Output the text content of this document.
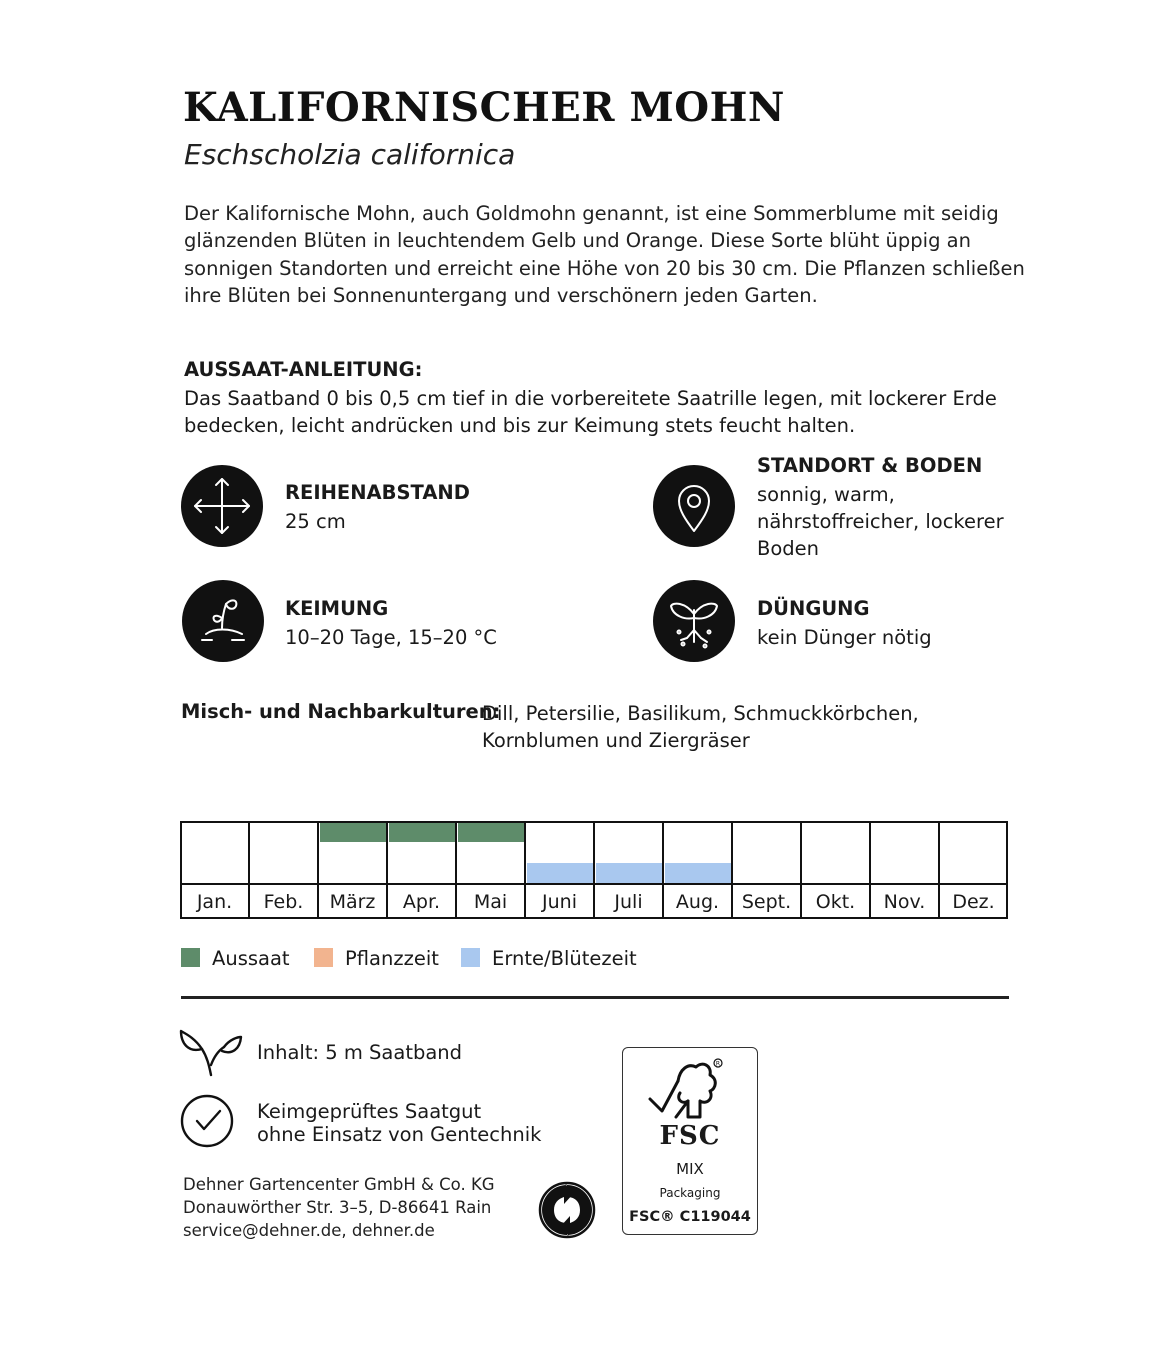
KALIFORNISCHER MOHN
Eschscholzia californica
Der Kalifornische Mohn, auch Goldmohn genannt, ist eine Sommerblume mit seidig
glänzenden Blüten in leuchtendem Gelb und Orange. Diese Sorte blüht üppig an
sonnigen Standorten und erreicht eine Höhe von 20 bis 30 cm. Die Pflanzen schließen
ihre Blüten bei Sonnenuntergang und verschönern jeden Garten.
AUSSAAT-ANLEITUNG:
Das Saatband 0 bis 0,5 cm tief in die vorbereitete Saatrille legen, mit lockerer Erde
bedecken, leicht andrücken und bis zur Keimung stets feucht halten.
REIHENABSTAND
25 cm
STANDORT & BODEN
sonnig, warm,
nährstoffreicher, lockerer
Boden
KEIMUNG
10–20 Tage, 15–20 °C
DÜNGUNG
kein Dünger nötig
Misch- und Nachbarkulturen:
Dill, Petersilie, Basilikum, Schmuckkörbchen,
Kornblumen und Ziergräser
Jan.	Feb.	März	Apr.	Mai	Juni	Juli	Aug.	Sept.	Okt.	Nov.	Dez.
Aussaat	Pflanzzeit	Ernte/Blütezeit
Inhalt: 5 m Saatband
Keimgeprüftes Saatgut
ohne Einsatz von Gentechnik
Dehner Gartencenter GmbH & Co. KG
Donauwörther Str. 3–5, D-86641 Rain
service@dehner.de, dehner.de
R
FSC
MIX
Packaging
FSC® C119044
